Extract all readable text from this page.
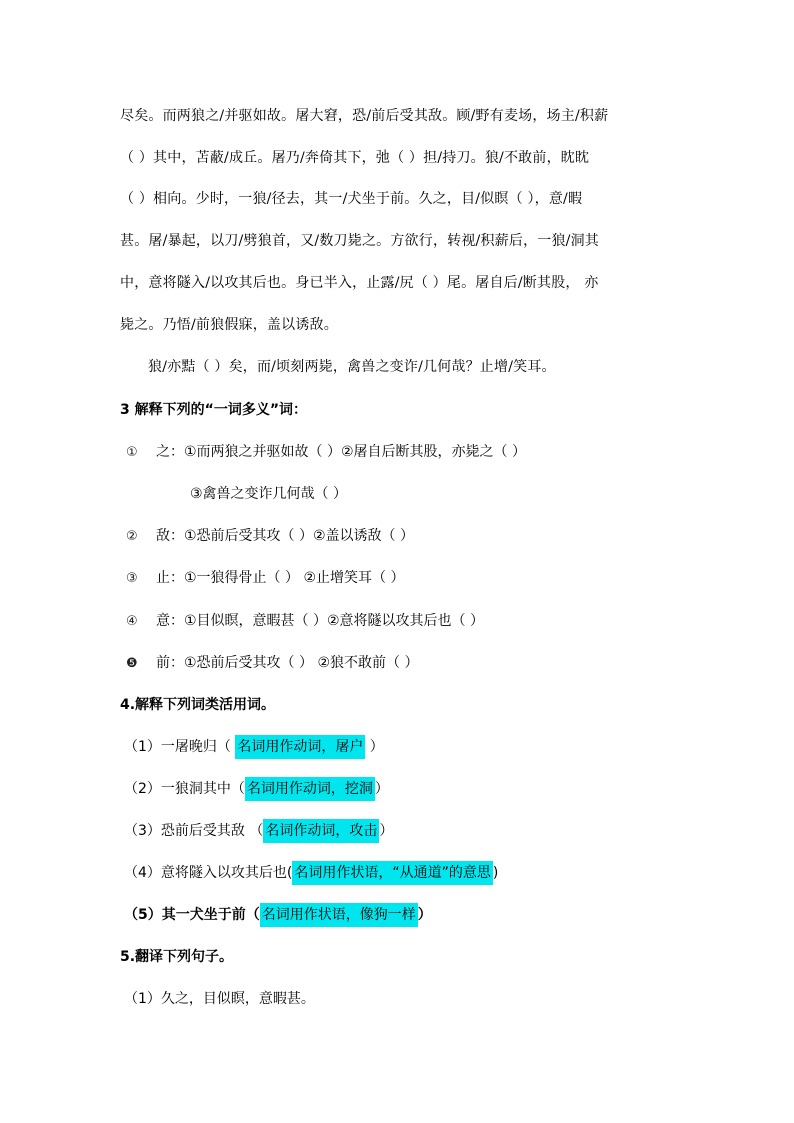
尽矣。而两狼之/并驱如故。屠大窘，恐/前后受其敌。顾/野有麦场，场主/积薪
（ ）其中，苫蔽/成丘。屠乃/奔倚其下，弛（ ）担/持刀。狼/不敢前，眈眈
（ ）相向。少时，一狼/径去，其一/犬坐于前。久之，目/似瞑（ ），意/暇
甚。屠/暴起，以刀/劈狼首，又/数刀毙之。方欲行，转视/积薪后，一狼/洞其
中，意将隧入/以攻其后也。身已半入，止露/尻（ ）尾。屠自后/断其股， 亦
毙之。乃悟/前狼假寐，盖以诱敌。
狼/亦黠（ ）矣，而/顷刻两毙，禽兽之变诈/几何哉？止增/笑耳。
3 解释下列的“一词多义”词：
① 之：①而两狼之并驱如故（ ）②屠自后断其股，亦毙之（ ）
③禽兽之变诈几何哉（ ）
② 敌：①恐前后受其攻（ ）②盖以诱敌（ ）
③ 止：①一狼得骨止（ ） ②止增笑耳（ ）
④ 意：①目似瞑，意暇甚（ ）②意将隧以攻其后也（ ）
❺ 前：①恐前后受其攻（ ） ②狼不敢前（ ）
4.解释下列词类活用词。
（1）一屠晚归（ 名词用作动词，屠户 ）
（2）一狼洞其中（ 名词用作动词，挖洞 ）
（3）恐前后受其敌 （ 名词作动词，攻击 ）
（4）意将隧入以攻其后也( 名词用作状语，“从通道”的意思 )
（5）其一犬坐于前（ 名词用作状语，像狗一样 ）
5.翻译下列句子。
（1）久之，目似瞑，意暇甚。
